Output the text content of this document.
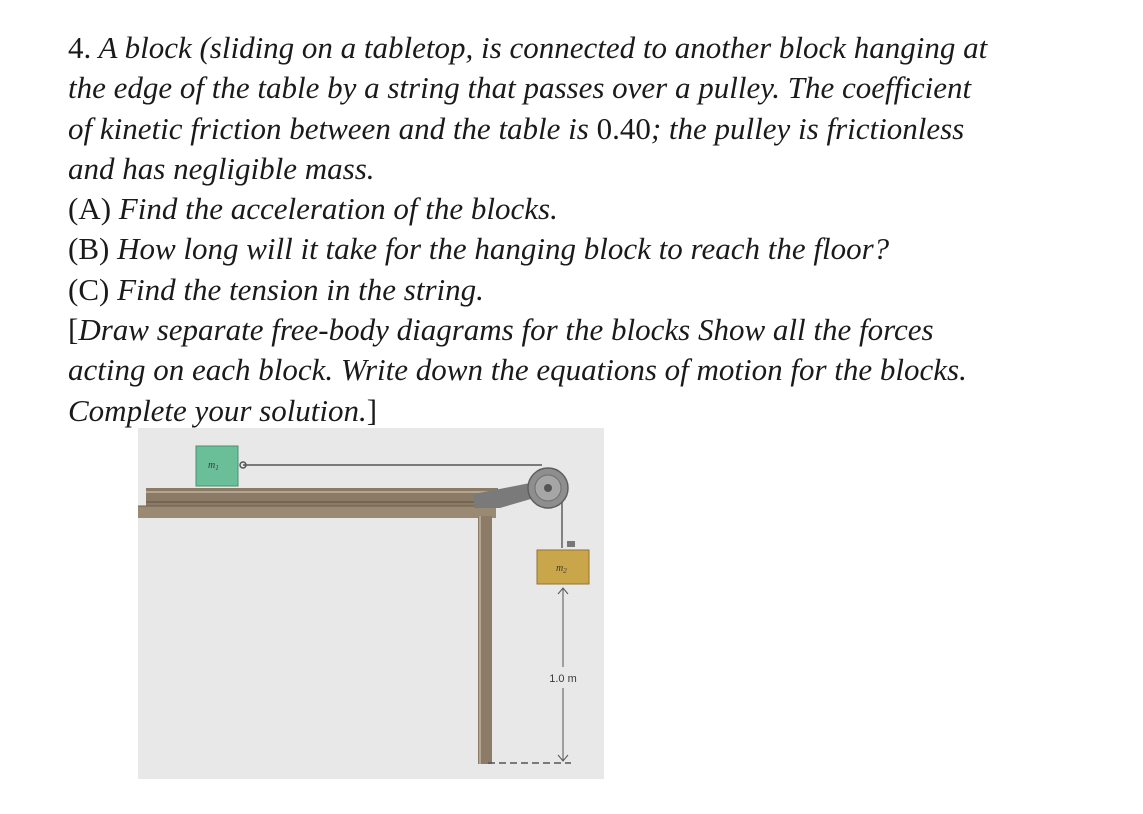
4. A block (sliding on a tabletop, is connected to another block hanging at
the edge of the table by a string that passes over a pulley. The coefficient
of kinetic friction between and the table is 0.40; the pulley is frictionless
and has negligible mass.
(A) Find the acceleration of the blocks.
(B) How long will it take for the hanging block to reach the floor?
(C) Find the tension in the string.
[Draw separate free-body diagrams for the blocks Show all the forces
acting on each block. Write down the equations of motion for the blocks.
Complete your solution.]
$m_1$
$m_2$
1.0 m
